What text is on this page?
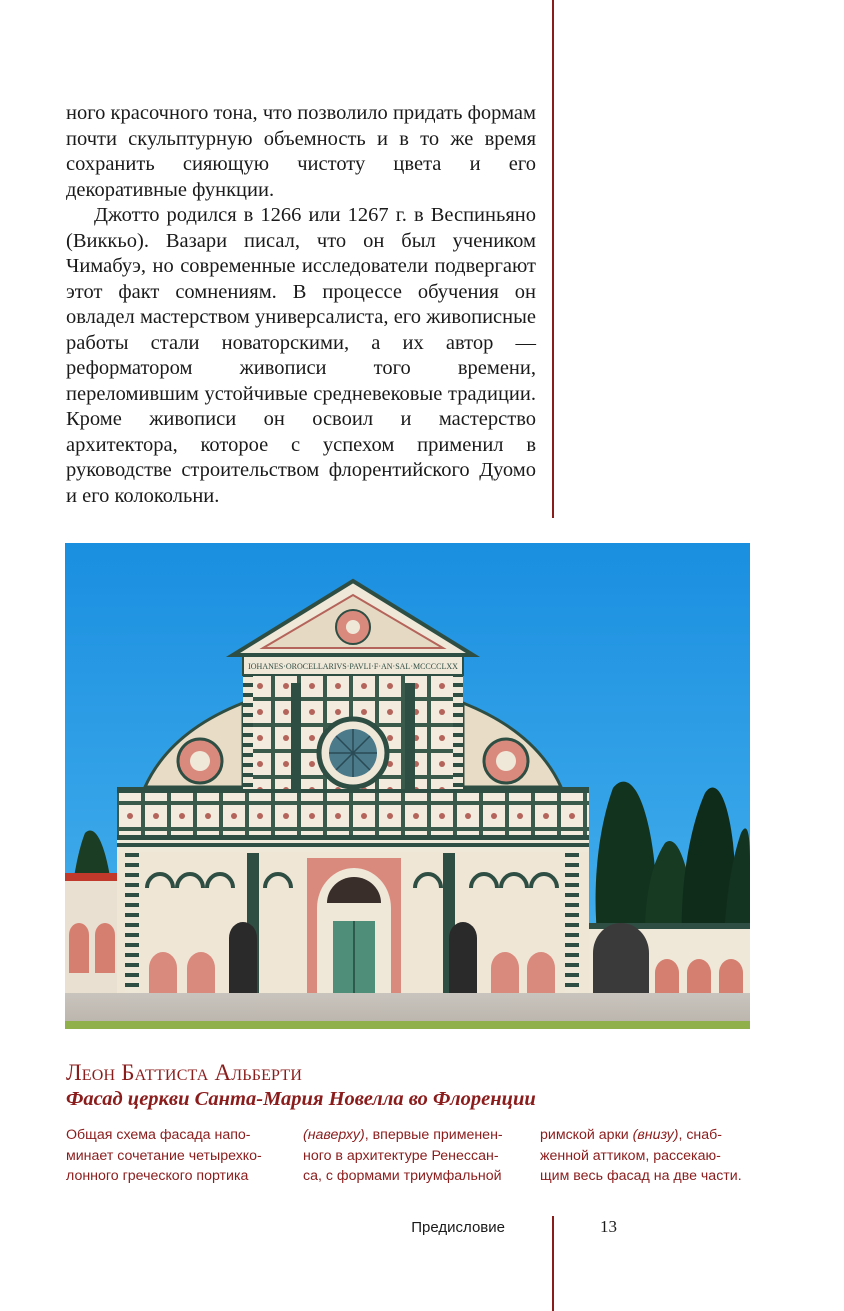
ного красочного тона, что позволило придать формам почти скульптурную объемность и в то же время сохранить сияющую чистоту цвета и его декоративные функции.

Джотто родился в 1266 или 1267 г. в Веспиньяно (Виккьо). Вазари писал, что он был учеником Чимабуэ, но современные исследователи подвергают этот факт сомнениям. В процессе обучения он овладел мастерством универсалиста, его живописные работы стали новаторскими, а их автор — реформатором живописи того времени, переломившим устойчивые средневековые традиции. Кроме живописи он освоил и мастерство архитектора, которое с успехом применил в руководстве строительством флорентийского Дуомо и его колокольни.

IOHANES·OROCELLARIVS·PAVLI·F·AN·SAL·MCCCCLXX
Леон Баттиста Альберти
Фасад церкви Санта-Мария Новелла во Флоренции
Общая схема фасада напо-
минает сочетание четырехко-
лонного греческого портика
(наверху), впервые применен-
ного в архитектуре Ренессан-
са, с формами триумфальной
римской арки (внизу), снаб-
женной аттиком, рассекаю-
щим весь фасад на две части.
Предисловие	13
